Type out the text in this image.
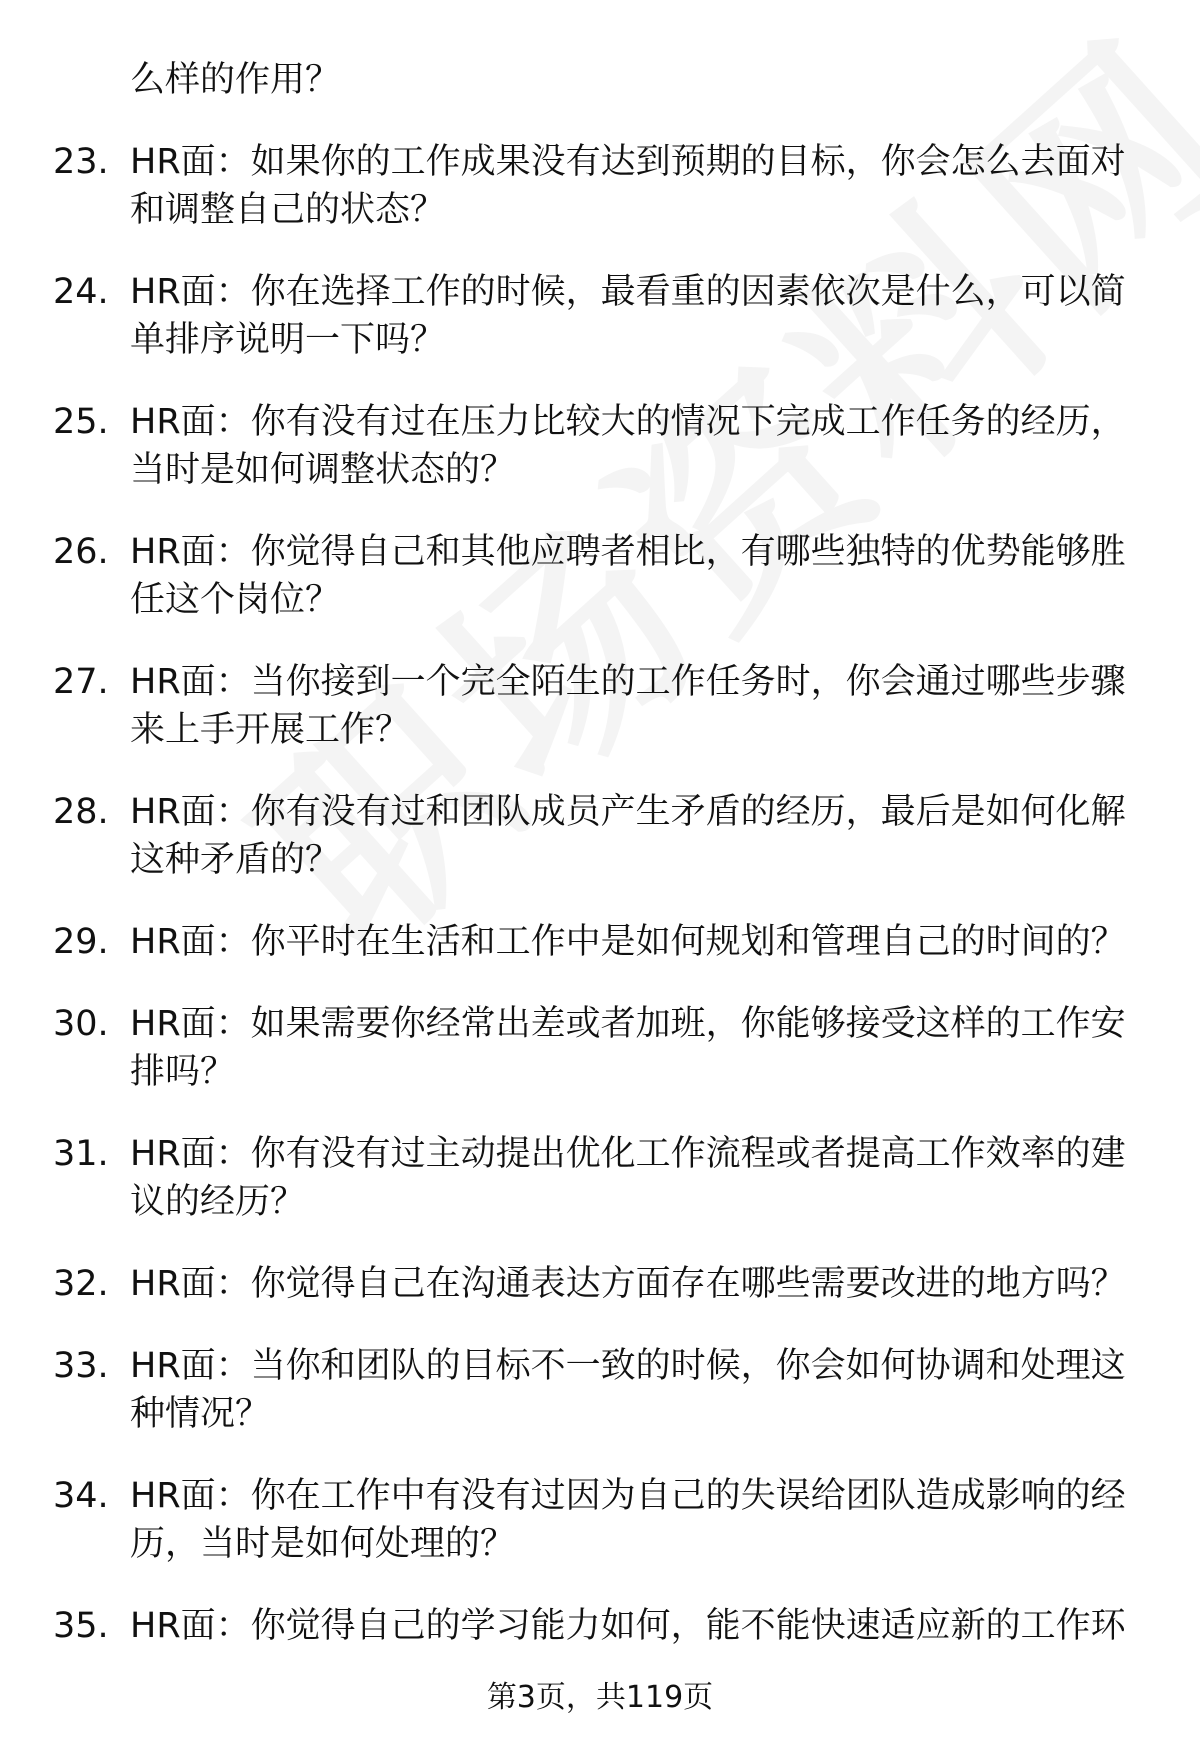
么样的作用？
23. HR面：如果你的工作成果没有达到预期的目标，你会怎么去面对和调整自己的状态？
24. HR面：你在选择工作的时候，最看重的因素依次是什么，可以简单排序说明一下吗？
25. HR面：你有没有过在压力比较大的情况下完成工作任务的经历，当时是如何调整状态的？
26. HR面：你觉得自己和其他应聘者相比，有哪些独特的优势能够胜任这个岗位？
27. HR面：当你接到一个完全陌生的工作任务时，你会通过哪些步骤来上手开展工作？
28. HR面：你有没有过和团队成员产生矛盾的经历，最后是如何化解这种矛盾的？
29. HR面：你平时在生活和工作中是如何规划和管理自己的时间的？
30. HR面：如果需要你经常出差或者加班，你能够接受这样的工作安排吗？
31. HR面：你有没有过主动提出优化工作流程或者提高工作效率的建议的经历？
32. HR面：你觉得自己在沟通表达方面存在哪些需要改进的地方吗？
33. HR面：当你和团队的目标不一致的时候，你会如何协调和处理这种情况？
34. HR面：你在工作中有没有过因为自己的失误给团队造成影响的经历，当时是如何处理的？
35. HR面：你觉得自己的学习能力如何，能不能快速适应新的工作环
第3页，共119页
